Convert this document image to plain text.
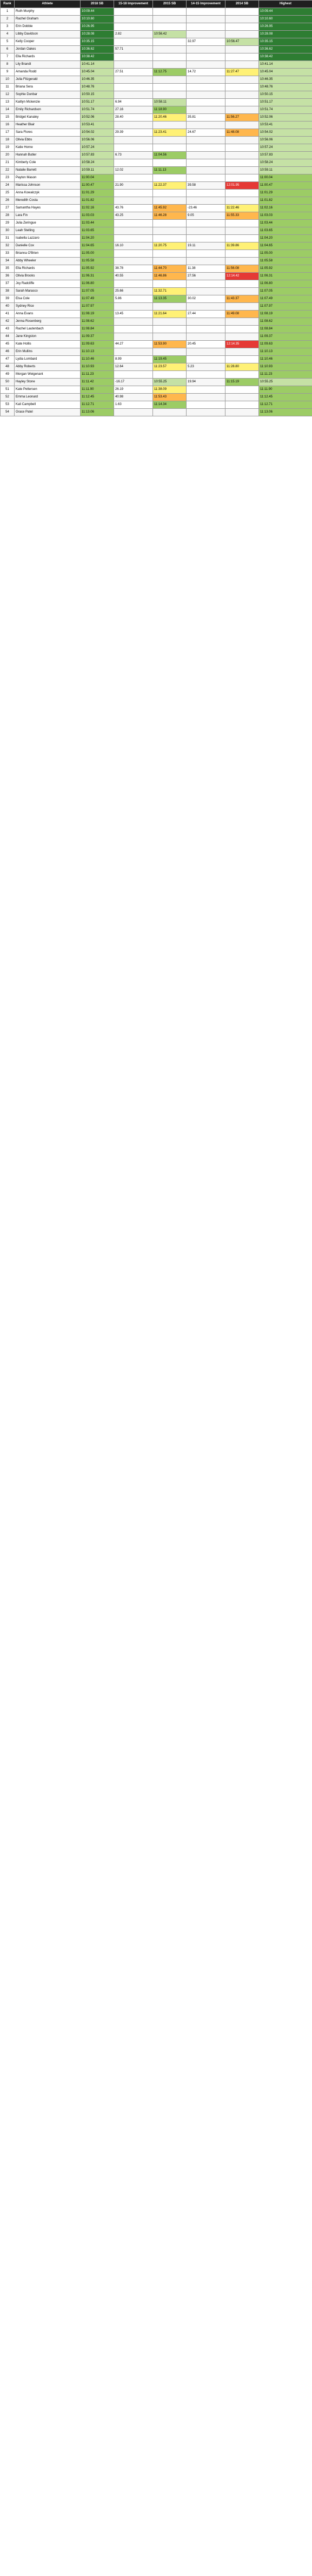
Rank	Athlete	2018 SB	15-18 Improvement	2015 SB	14-15 Improvement	2014 SB	Highest
1	Ruth Murphy	10:09.44					10:09.44
2	Rachel Graham	10:10.60					10:10.60
3	Erin Dobbie	10:26.95					10:26.95
4	Libby Davidson	10:28.08	2.82	10:56.42			10:28.08
5	Kelly Cooper	10:35.15			32.97	10:56.47	10:35.15
6	Jordan Oakes	10:36.62	57.71				10:36.62
7	Ella Richards	10:38.42					10:38.42
8	Lily Brandt	10:41.14					10:41.14
9	Amanda Rodd	10:45.04	27.51	11:12.75	14.72	11:27.47	10:45.04
10	Julia Fitzgerald	10:46.35					10:46.35
11	Briana Sera	10:48.76					10:48.76
12	Sophie Dunbar	10:50.15					10:50.15
13	Kaitlyn Mckenzie	10:51.17	6.94	10:58.11			10:51.17
14	Emily Richardson	10:51.74	27.16	11:18.90			10:51.74
15	Bridget Kanaley	10:52.06	28.40	11:20.46	35.81	11:56.27	10:52.06
16	Heather Blair	10:53.41					10:53.41
17	Sara Flores	10:54.02	29.39	11:23.41	24.67	11:48.08	10:54.02
18	Olivia Ebbs	10:56.06					10:56.06
19	Katie Horne	10:57.24					10:57.24
20	Hannah Butler	10:57.83	6.73	11:04.56			10:57.83
21	Kimberly Cole	10:58.24					10:58.24
22	Natalie Barrett	10:59.11	12.02	11:11.13			10:59.11
23	Payton Mason	11:00.04					11:00.04
24	Marissa Johnson	11:00.47	21.90	11:22.37	39.58	12:01.95	11:00.47
25	Anna Kowalczyk	11:01.29					11:01.29
26	Meredith Costa	11:01.82					11:01.82
27	Samantha Hayes	11:02.16	43.76	11:45.92	-23.46	11:22.46	11:02.16
28	Lara Fin	11:03.03	43.25	11:46.28	9.05	11:55.33	11:03.03
29	Julia Zeringue	11:03.44					11:03.44
30	Leah Stelling	11:03.65					11:03.65
31	Isabella Lazzaro	11:04.20					11:04.20
32	Danielle Cox	11:04.65	16.10	11:20.75	19.11	11:39.86	11:04.65
33	Brianna O'Brien	11:05.00					11:05.00
34	Abby Wheeler	11:05.58					11:05.58
35	Ella Richards	11:05.92	38.78	11:44.70	11.38	11:56.08	11:05.92
36	Olivia Brooks	11:06.31	40.55	11:46.86	27.56	12:14.42	11:06.31
37	Joy Radcliffe	11:06.80					11:06.80
38	Sarah Marasco	11:07.05	25.66	11:32.71			11:07.05
39	Elsa Cole	11:07.49	5.86	11:13.35	30.02	11:43.37	11:07.49
40	Sydney Rice	11:07.97					11:07.97
41	Anna Evans	11:08.19	13.45	11:21.64	27.44	11:49.08	11:08.19
42	Jenna Rosenberg	11:08.62					11:08.62
43	Rachel Lautenbach	11:08.84					11:08.84
44	Jane Kingston	11:09.37					11:09.37
45	Kate Hollis	11:09.63	44.27	11:53.90	20.45	12:14.35	11:09.63
46	Erin Mullins	11:10.13					11:10.13
47	Lydia Lombard	11:10.46	8.99	11:19.45			11:10.46
48	Abby Roberts	11:10.93	12.64	11:23.57	5.23	11:28.80	11:10.93
49	Morgan Weigenant	11:11.23					11:11.23
50	Hayley Stone	11:11.42	-16.17	10:55.25	19.94	11:15.19	10:55.25
51	Kate Pettersen	11:11.90	26.19	11:38.09			11:11.90
52	Emma Leonard	11:12.45	40.98	11:53.43			11:12.45
53	Kali Campbell	11:12.71	1.63	11:14.34			11:12.71
54	Grace Patel	11:13.06					11:13.06
